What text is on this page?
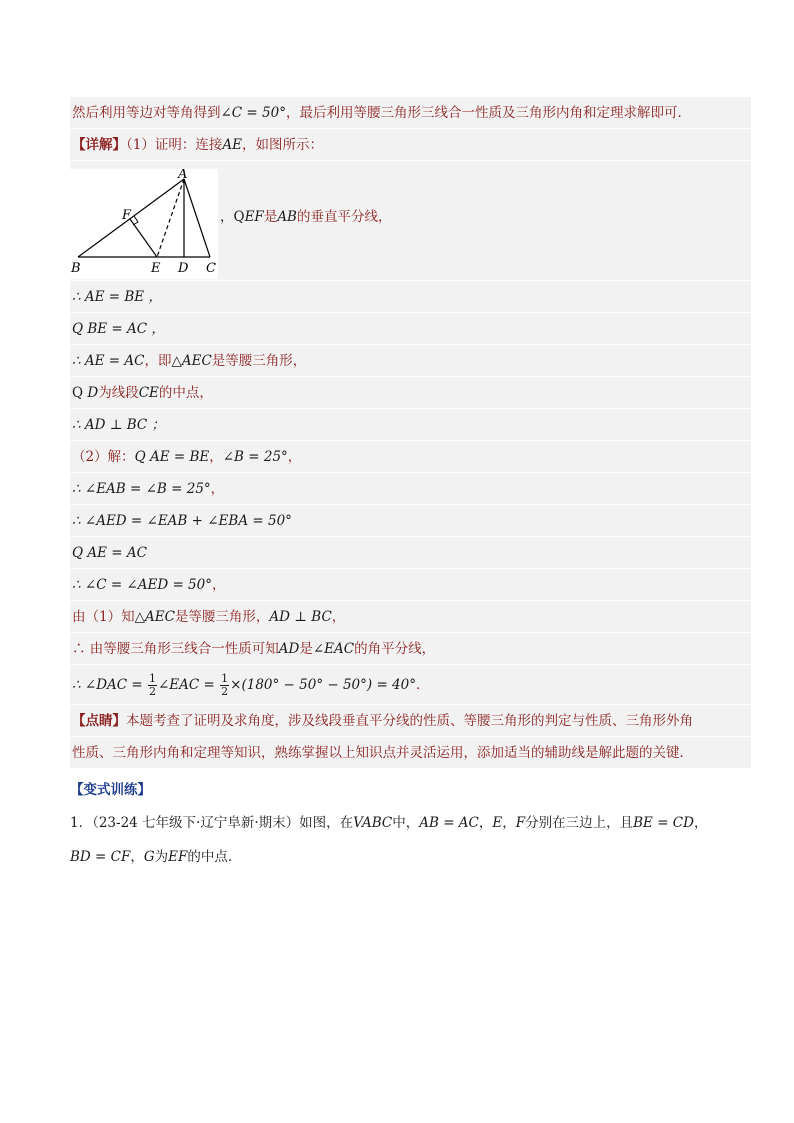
然后利用等边对等角得到∠C = 50°，最后利用等腰三角形三线合一性质及三角形内角和定理求解即可．
【详解】（1）证明：连接AE，如图所示：
A
B	C
D
E
F	，QEF是AB的垂直平分线，
∴ AE = BE ，
Q BE = AC ，
∴ AE = AC，即△AEC是等腰三角形，
Q D为线段CE的中点，
∴ AD ⊥ BC ；
（2）解：Q AE = BE，∠B = 25°，
∴ ∠EAB = ∠B = 25°，
∴ ∠AED = ∠EAB + ∠EBA = 50°
Q AE = AC
∴ ∠C = ∠AED = 50°，
由（1）知△AEC是等腰三角形，AD ⊥ BC，
∴ 由等腰三角形三线合一性质可知AD是∠EAC的角平分线，
∴ ∠DAC = $\frac{1}{2}$ ∠EAC = $\frac{1}{2} \times(180^\circ - 50^\circ - 50^\circ) = 40^\circ$．
【点睛】本题考查了证明及求角度，涉及线段垂直平分线的性质、等腰三角形的判定与性质、三角形外角
性质、三角形内角和定理等知识，熟练掌握以上知识点并灵活运用，添加适当的辅助线是解此题的关键．
【变式训练】
1．（23-24 七年级下·辽宁阜新·期末）如图，在VABC中，AB = AC，E，F分别在三边上，且BE = CD，
BD = CF，G为EF的中点．
